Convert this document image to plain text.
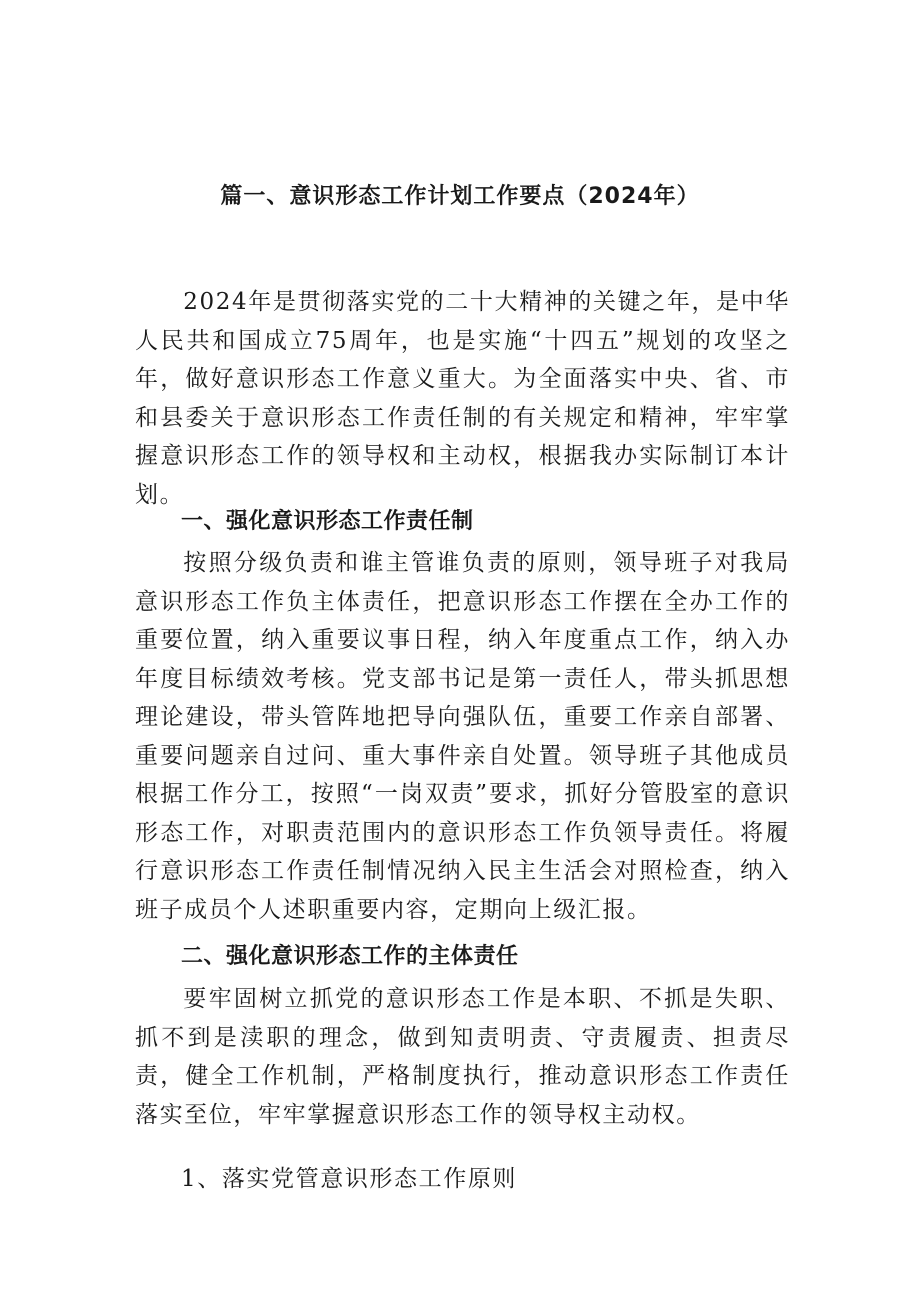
篇一、意识形态工作计划工作要点（2024年）

2024年是贯彻落实党的二十大精神的关键之年，是中华人民共和国成立75周年，也是实施“十四五”规划的攻坚之年，做好意识形态工作意义重大。为全面落实中央、省、市和县委关于意识形态工作责任制的有关规定和精神，牢牢掌握意识形态工作的领导权和主动权，根据我办实际制订本计划。

一、强化意识形态工作责任制

按照分级负责和谁主管谁负责的原则，领导班子对我局意识形态工作负主体责任，把意识形态工作摆在全办工作的重要位置，纳入重要议事日程，纳入年度重点工作，纳入办年度目标绩效考核。党支部书记是第一责任人，带头抓思想理论建设，带头管阵地把导向强队伍，重要工作亲自部署、重要问题亲自过问、重大事件亲自处置。领导班子其他成员根据工作分工，按照“一岗双责”要求，抓好分管股室的意识形态工作，对职责范围内的意识形态工作负领导责任。将履行意识形态工作责任制情况纳入民主生活会对照检查，纳入班子成员个人述职重要内容，定期向上级汇报。

二、强化意识形态工作的主体责任

要牢固树立抓党的意识形态工作是本职、不抓是失职、抓不到是渎职的理念，做到知责明责、守责履责、担责尽责，健全工作机制，严格制度执行，推动意识形态工作责任落实至位，牢牢掌握意识形态工作的领导权主动权。

1、落实党管意识形态工作原则
